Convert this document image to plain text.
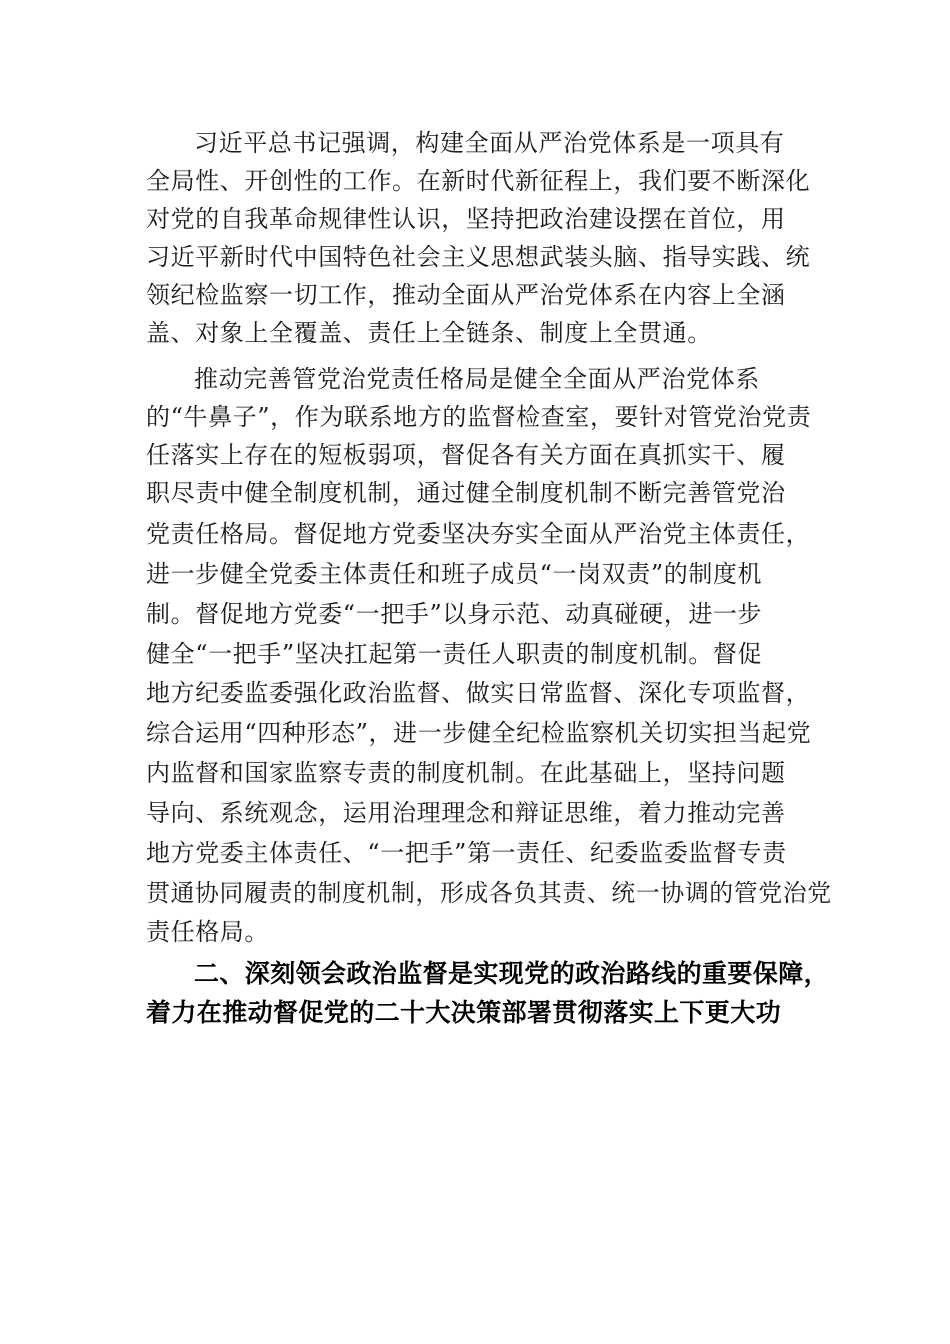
习近平总书记强调，构建全面从严治党体系是一项具有
全局性、开创性的工作。在新时代新征程上，我们要不断深化
对党的自我革命规律性认识，坚持把政治建设摆在首位，用
习近平新时代中国特色社会主义思想武装头脑、指导实践、统
领纪检监察一切工作，推动全面从严治党体系在内容上全涵
盖、对象上全覆盖、责任上全链条、制度上全贯通。
推动完善管党治党责任格局是健全全面从严治党体系
的“牛鼻子”，作为联系地方的监督检查室，要针对管党治党责
任落实上存在的短板弱项，督促各有关方面在真抓实干、履
职尽责中健全制度机制，通过健全制度机制不断完善管党治
党责任格局。督促地方党委坚决夯实全面从严治党主体责任，
进一步健全党委主体责任和班子成员“一岗双责”的制度机
制。督促地方党委“一把手”以身示范、动真碰硬，进一步
健全“一把手”坚决扛起第一责任人职责的制度机制。督促
地方纪委监委强化政治监督、做实日常监督、深化专项监督，
综合运用“四种形态”，进一步健全纪检监察机关切实担当起党
内监督和国家监察专责的制度机制。在此基础上，坚持问题
导向、系统观念，运用治理理念和辩证思维，着力推动完善
地方党委主体责任、“一把手”第一责任、纪委监委监督专责
贯通协同履责的制度机制，形成各负其责、统一协调的管党治党
责任格局。
二、深刻领会政治监督是实现党的政治路线的重要保障，
着力在推动督促党的二十大决策部署贯彻落实上下更大功
